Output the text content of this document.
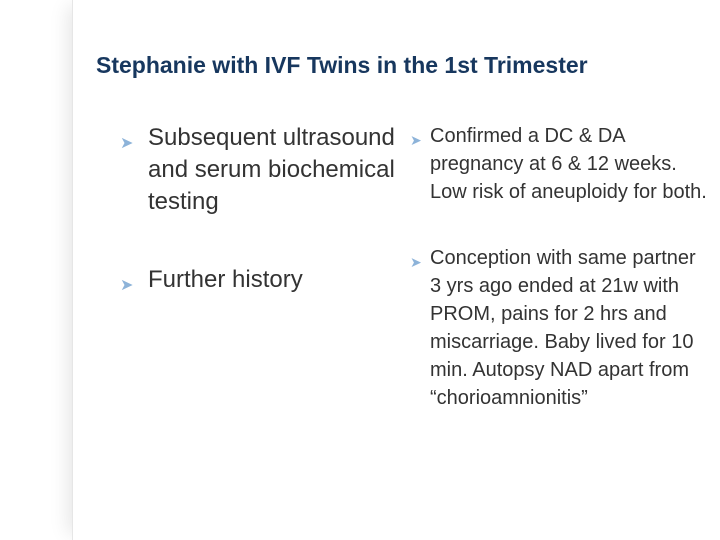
Stephanie with IVF Twins in the 1st Trimester
➤ Subsequent ultrasound and serum biochemical testing
➤ Further history
➤ Confirmed a DC & DA pregnancy at 6 & 12 weeks. Low risk of aneuploidy for both.
➤ Conception with same partner 3 yrs ago ended at 21w with PROM, pains for 2 hrs and miscarriage. Baby lived for 10 min. Autopsy NAD apart from “chorioamnionitis”
